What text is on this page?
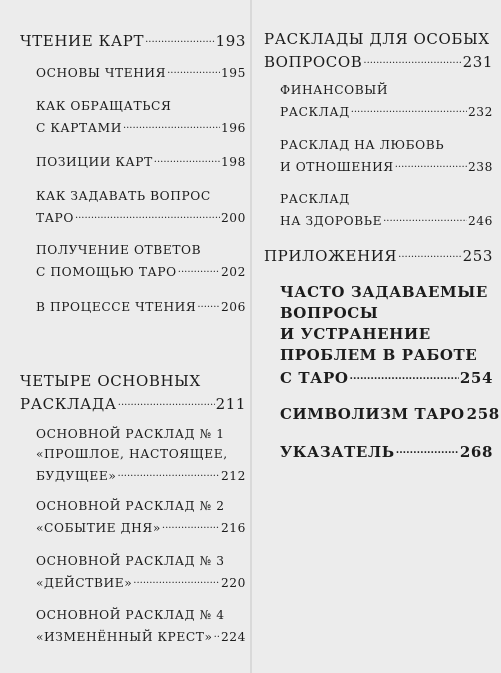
ЧТЕНИЕ КАРТ .....	193
ОСНОВЫ ЧТЕНИЯ .....	195
КАК ОБРАЩАТЬСЯ
С КАРТАМИ .....	196
ПОЗИЦИИ КАРТ .....	198
КАК ЗАДАВАТЬ ВОПРОС
ТАРО .....	200
ПОЛУЧЕНИЕ ОТВЕТОВ
С ПОМОЩЬЮ ТАРО .....	202
В ПРОЦЕССЕ ЧТЕНИЯ ..... 206
ЧЕТЫРЕ ОСНОВНЫХ
РАСКЛАДА .....	211
ОСНОВНОЙ РАСКЛАД № 1
«ПРОШЛОЕ, НАСТОЯЩЕЕ,
БУДУЩЕЕ» .....	212
ОСНОВНОЙ РАСКЛАД № 2
«СОБЫТИЕ ДНЯ» .....	216
ОСНОВНОЙ РАСКЛАД № 3
«ДЕЙСТВИЕ» .....	220
ОСНОВНОЙ РАСКЛАД № 4
«ИЗМЕНЁННЫЙ КРЕСТ» ..... 224
РАСКЛАДЫ ДЛЯ ОСОБЫХ
ВОПРОСОВ .....	231
ФИНАНСОВЫЙ
РАСКЛАД .....	232
РАСКЛАД НА ЛЮБОВЬ
И ОТНОШЕНИЯ .....	238
РАСКЛАД
НА ЗДОРОВЬЕ .....	246
ПРИЛОЖЕНИЯ .....	253
ЧАСТО ЗАДАВАЕМЫЕ
ВОПРОСЫ
И УСТРАНЕНИЕ
ПРОБЛЕМ В РАБОТЕ
С ТАРО .....	254
СИМВОЛИЗМ ТАРО 258
УКАЗАТЕЛЬ .....	268
